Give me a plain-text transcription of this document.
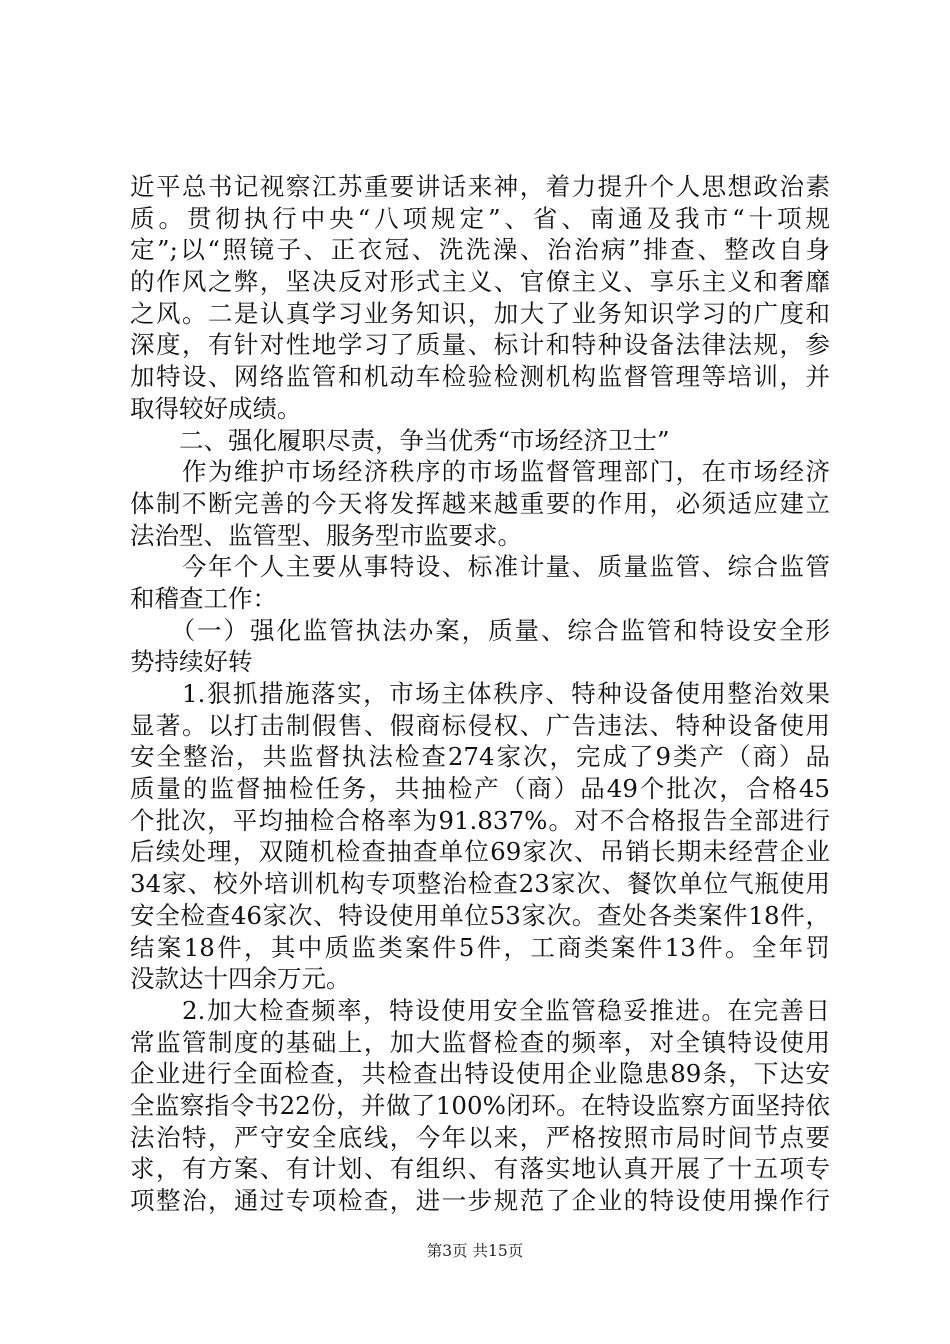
近平总书记视察江苏重要讲话来神，着力提升个人思想政治素
质。贯彻执行中央“八项规定”、省、南通及我市“十项规
定”;以“照镜子、正衣冠、洗洗澡、治治病”排查、整改自身
的作风之弊，坚决反对形式主义、官僚主义、享乐主义和奢靡
之风。二是认真学习业务知识，加大了业务知识学习的广度和
深度，有针对性地学习了质量、标计和特种设备法律法规，参
加特设、网络监管和机动车检验检测机构监督管理等培训，并
取得较好成绩。
　　二、强化履职尽责，争当优秀“市场经济卫士”
　　作为维护市场经济秩序的市场监督管理部门，在市场经济
体制不断完善的今天将发挥越来越重要的作用，必须适应建立
法治型、监管型、服务型市监要求。
　　今年个人主要从事特设、标准计量、质量监管、综合监管
和稽查工作：
　　（一）强化监管执法办案，质量、综合监管和特设安全形
势持续好转
　　1.狠抓措施落实，市场主体秩序、特种设备使用整治效果
显著。以打击制假售、假商标侵权、广告违法、特种设备使用
安全整治，共监督执法检查274家次，完成了9类产（商）品
质量的监督抽检任务，共抽检产（商）品49个批次，合格45
个批次，平均抽检合格率为91.837%。对不合格报告全部进行
后续处理，双随机检查抽查单位69家次、吊销长期未经营企业
34家、校外培训机构专项整治检查23家次、餐饮单位气瓶使用
安全检查46家次、特设使用单位53家次。查处各类案件18件，
结案18件，其中质监类案件5件，工商类案件13件。全年罚
没款达十四余万元。
　　2.加大检查频率，特设使用安全监管稳妥推进。在完善日
常监管制度的基础上，加大监督检查的频率，对全镇特设使用
企业进行全面检查，共检查出特设使用企业隐患89条，下达安
全监察指令书22份，并做了100%闭环。在特设监察方面坚持依
法治特，严守安全底线，今年以来，严格按照市局时间节点要
求，有方案、有计划、有组织、有落实地认真开展了十五项专
项整治，通过专项检查，进一步规范了企业的特设使用操作行
第3页 共15页
